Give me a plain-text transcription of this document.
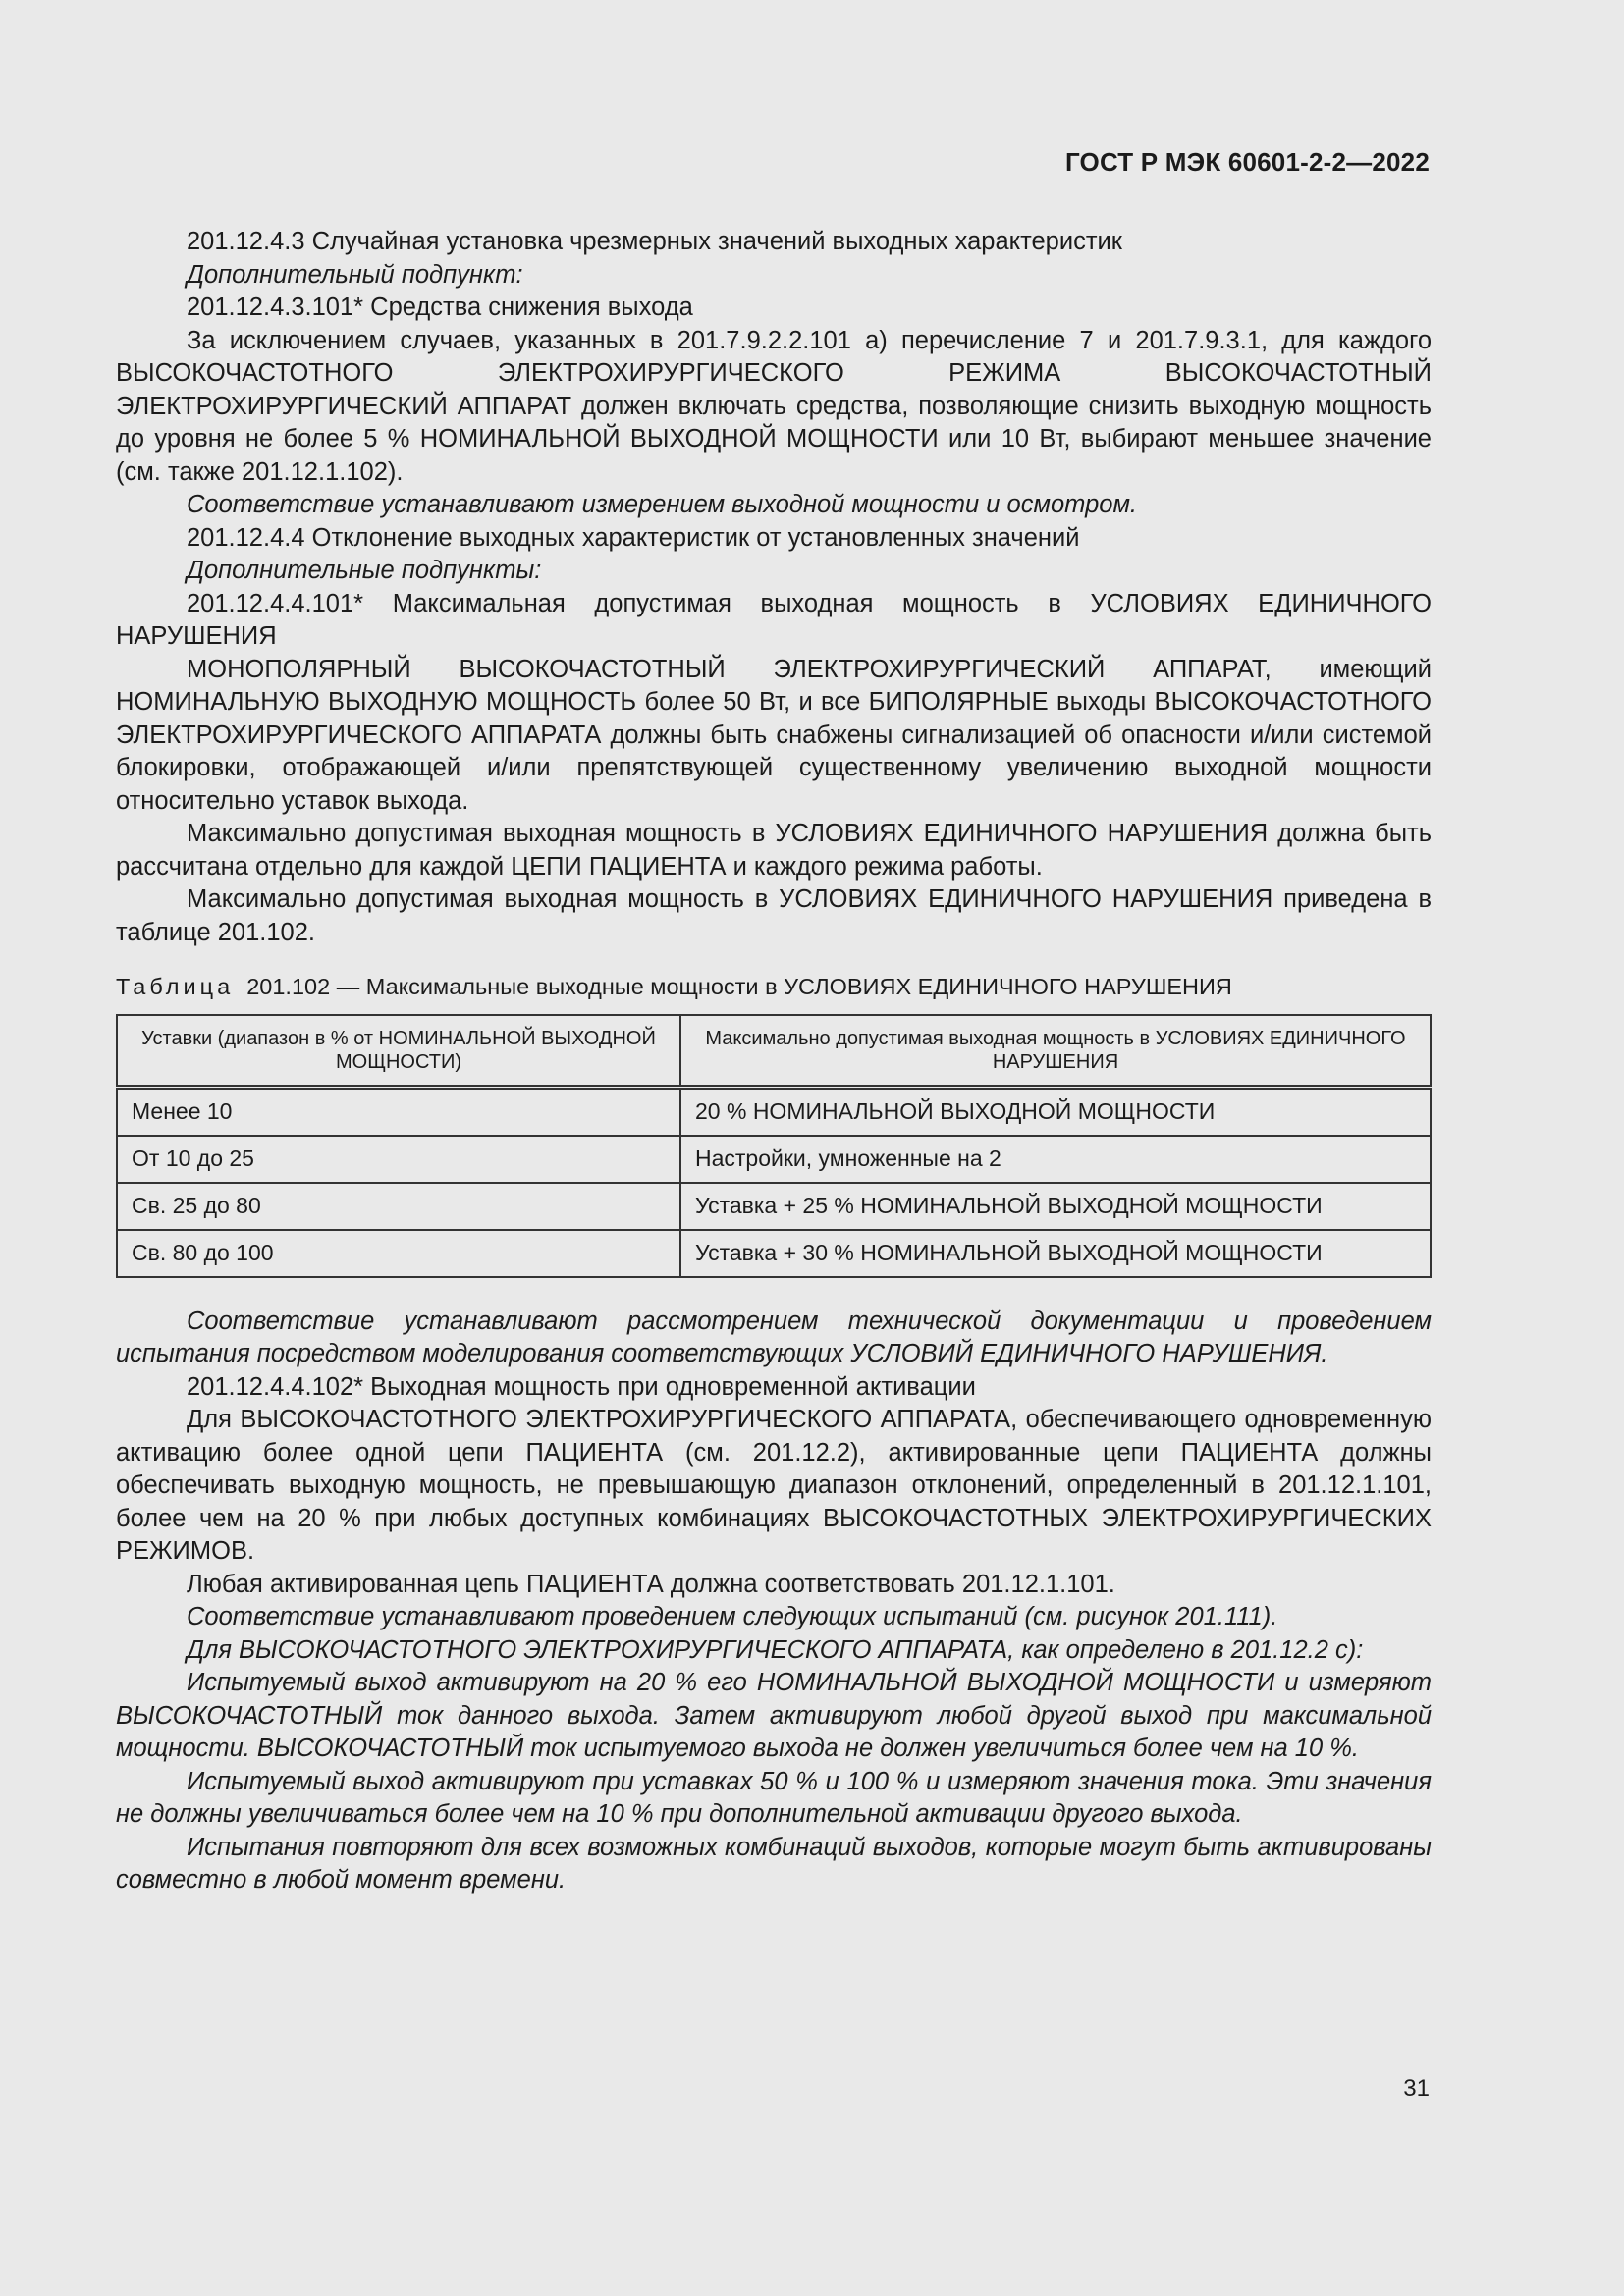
ГОСТ Р МЭК 60601-2-2—2022

201.12.4.3 Случайная установка чрезмерных значений выходных характеристик

Дополнительный подпункт:

201.12.4.3.101* Средства снижения выхода

За исключением случаев, указанных в 201.7.9.2.2.101 a) перечисление 7 и 201.7.9.3.1, для каждого ВЫСОКОЧАСТОТНОГО ЭЛЕКТРОХИРУРГИЧЕСКОГО РЕЖИМА ВЫСОКОЧАСТОТНЫЙ ЭЛЕКТРОХИРУРГИЧЕСКИЙ АППАРАТ должен включать средства, позволяющие снизить выходную мощность до уровня не более 5 % НОМИНАЛЬНОЙ ВЫХОДНОЙ МОЩНОСТИ или 10 Вт, выбирают меньшее значение (см. также 201.12.1.102).

Соответствие устанавливают измерением выходной мощности и осмотром.

201.12.4.4 Отклонение выходных характеристик от установленных значений

Дополнительные подпункты:

201.12.4.4.101* Максимальная допустимая выходная мощность в УСЛОВИЯХ ЕДИНИЧНОГО НАРУШЕНИЯ

МОНОПОЛЯРНЫЙ ВЫСОКОЧАСТОТНЫЙ ЭЛЕКТРОХИРУРГИЧЕСКИЙ АППАРАТ, имеющий НОМИНАЛЬНУЮ ВЫХОДНУЮ МОЩНОСТЬ более 50 Вт, и все БИПОЛЯРНЫЕ выходы ВЫСОКОЧАСТОТНОГО ЭЛЕКТРОХИРУРГИЧЕСКОГО АППАРАТА должны быть снабжены сигнализацией об опасности и/или системой блокировки, отображающей и/или препятствующей существенному увеличению выходной мощности относительно уставок выхода.

Максимально допустимая выходная мощность в УСЛОВИЯХ ЕДИНИЧНОГО НАРУШЕНИЯ должна быть рассчитана отдельно для каждой ЦЕПИ ПАЦИЕНТА и каждого режима работы.

Максимально допустимая выходная мощность в УСЛОВИЯХ ЕДИНИЧНОГО НАРУШЕНИЯ приведена в таблице 201.102.

Таблица 201.102 — Максимальные выходные мощности в УСЛОВИЯХ ЕДИНИЧНОГО НАРУШЕНИЯ

Уставки (диапазон в % от НОМИНАЛЬНОЙ ВЫХОДНОЙ МОЩНОСТИ)	Максимально допустимая выходная мощность в УСЛОВИЯХ ЕДИНИЧНОГО НАРУШЕНИЯ
Менее 10	20 % НОМИНАЛЬНОЙ ВЫХОДНОЙ МОЩНОСТИ
От 10 до 25	Настройки, умноженные на 2
Св. 25 до 80	Уставка + 25 % НОМИНАЛЬНОЙ ВЫХОДНОЙ МОЩНОСТИ
Св. 80 до 100	Уставка + 30 % НОМИНАЛЬНОЙ ВЫХОДНОЙ МОЩНОСТИ

Соответствие устанавливают рассмотрением технической документации и проведением испытания посредством моделирования соответствующих УСЛОВИЙ ЕДИНИЧНОГО НАРУШЕНИЯ.

201.12.4.4.102* Выходная мощность при одновременной активации

Для ВЫСОКОЧАСТОТНОГО ЭЛЕКТРОХИРУРГИЧЕСКОГО АППАРАТА, обеспечивающего одновременную активацию более одной цепи ПАЦИЕНТА (см. 201.12.2), активированные цепи ПАЦИЕНТА должны обеспечивать выходную мощность, не превышающую диапазон отклонений, определенный в 201.12.1.101, более чем на 20 % при любых доступных комбинациях ВЫСОКОЧАСТОТНЫХ ЭЛЕКТРОХИРУРГИЧЕСКИХ РЕЖИМОВ.

Любая активированная цепь ПАЦИЕНТА должна соответствовать 201.12.1.101.

Соответствие устанавливают проведением следующих испытаний (см. рисунок 201.111).

Для ВЫСОКОЧАСТОТНОГО ЭЛЕКТРОХИРУРГИЧЕСКОГО АППАРАТА, как определено в 201.12.2 c):

Испытуемый выход активируют на 20 % его НОМИНАЛЬНОЙ ВЫХОДНОЙ МОЩНОСТИ и измеряют ВЫСОКОЧАСТОТНЫЙ ток данного выхода. Затем активируют любой другой выход при максимальной мощности. ВЫСОКОЧАСТОТНЫЙ ток испытуемого выхода не должен увеличиться более чем на 10 %.

Испытуемый выход активируют при уставках 50 % и 100 % и измеряют значения тока. Эти значения не должны увеличиваться более чем на 10 % при дополнительной активации другого выхода.

Испытания повторяют для всех возможных комбинаций выходов, которые могут быть активированы совместно в любой момент времени.

31
